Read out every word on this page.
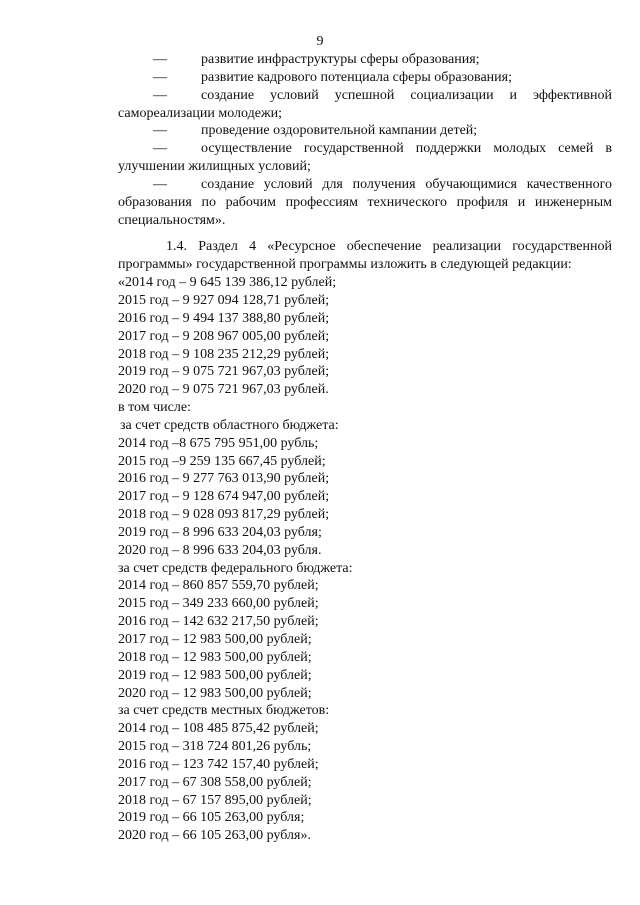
9

— развитие инфраструктуры сферы образования;

— развитие кадрового потенциала сферы образования;

— создание условий успешной социализации и эффективной самореализации молодежи;

— проведение оздоровительной кампании детей;

— осуществление государственной поддержки молодых семей в улучшении жилищных условий;

— создание условий для получения обучающимися качественного образования по рабочим профессиям технического профиля и инженерным специальностям».

1.4. Раздел 4 «Ресурсное обеспечение реализации государственной программы» государственной программы изложить в следующей редакции:

«2014 год – 9 645 139 386,12 рублей;

2015 год – 9 927 094 128,71 рублей;

2016 год – 9 494 137 388,80 рублей;

2017 год – 9 208 967 005,00 рублей;

2018 год – 9 108 235 212,29 рублей;

2019 год – 9 075 721 967,03 рублей;

2020 год – 9 075 721 967,03 рублей.

в том числе:

за счет средств областного бюджета:

2014 год –8 675 795 951,00 рубль;

2015 год –9 259 135 667,45 рублей;

2016 год – 9 277 763 013,90 рублей;

2017 год – 9 128 674 947,00 рублей;

2018 год – 9 028 093 817,29 рублей;

2019 год – 8 996 633 204,03 рубля;

2020 год – 8 996 633 204,03 рубля.

за счет средств федерального бюджета:

2014 год – 860 857 559,70 рублей;

2015 год – 349 233 660,00 рублей;

2016 год – 142 632 217,50 рублей;

2017 год – 12 983 500,00 рублей;

2018 год – 12 983 500,00 рублей;

2019 год – 12 983 500,00 рублей;

2020 год – 12 983 500,00 рублей;

за счет средств местных бюджетов:

2014 год – 108 485 875,42 рублей;

2015 год – 318 724 801,26 рубль;

2016 год – 123 742 157,40 рублей;

2017 год – 67 308 558,00 рублей;

2018 год – 67 157 895,00 рублей;

2019 год – 66 105 263,00 рубля;

2020 год – 66 105 263,00 рубля».
